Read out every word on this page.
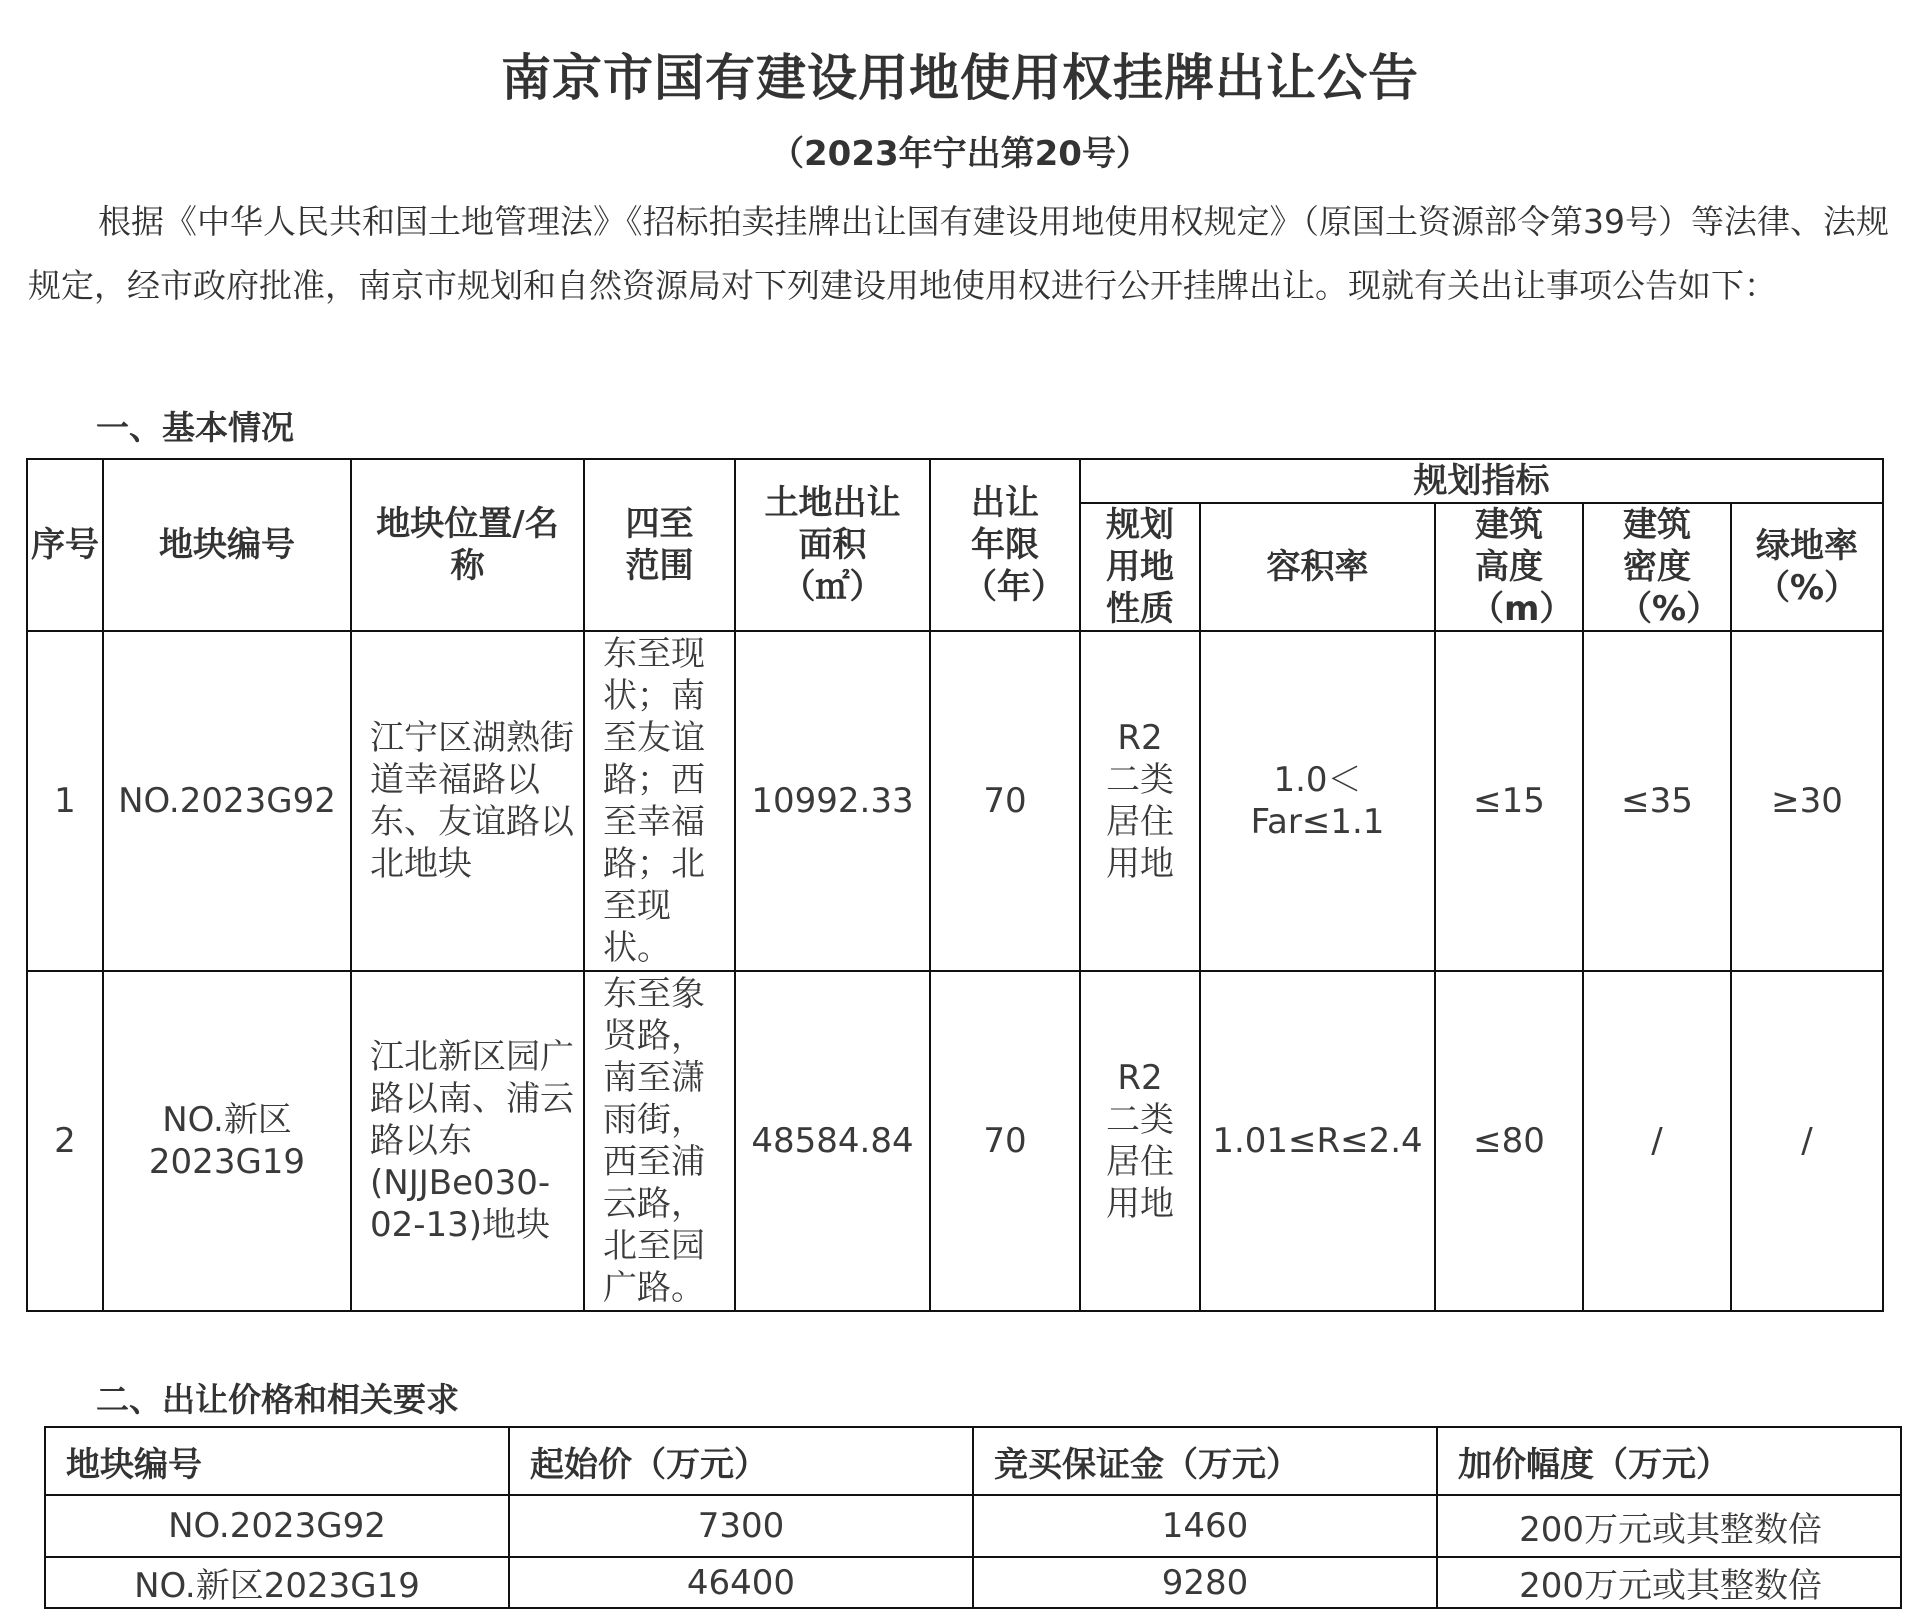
南京市国有建设用地使用权挂牌出让公告
（2023年宁出第20号）
根据《中华人民共和国土地管理法》《招标拍卖挂牌出让国有建设用地使用权规定》（原国土资源部令第39号）等法律、法规规定，经市政府批准，南京市规划和自然资源局对下列建设用地使用权进行公开挂牌出让。现就有关出让事项公告如下：
一、基本情况
序号	地块编号	地块位置/名称	四至范围	土地出让面积（㎡）	出让年限（年）	规划指标				
						规划用地性质	容积率	建筑高度（m）	建筑密度（%）	绿地率（%）
1	NO.2023G92	江宁区湖熟街道幸福路以东、友谊路以北地块	东至现状；南至友谊路；西至幸福路；北至现状。	10992.33	70	R2二类居住用地	1.0＜Far≤1.1	≤15	≤35	≥30
2	NO.新区2023G19	江北新区园广路以南、浦云路以东(NJJBe030-02-13)地块	东至象贤路，南至潇雨街，西至浦云路，北至园广路。	48584.84	70	R2二类居住用地	1.01≤R≤2.4	≤80	/	/
二、出让价格和相关要求
地块编号	起始价（万元）	竞买保证金（万元）	加价幅度（万元）
NO.2023G92	7300	1460	200万元或其整数倍
NO.新区2023G19	46400	9280	200万元或其整数倍
